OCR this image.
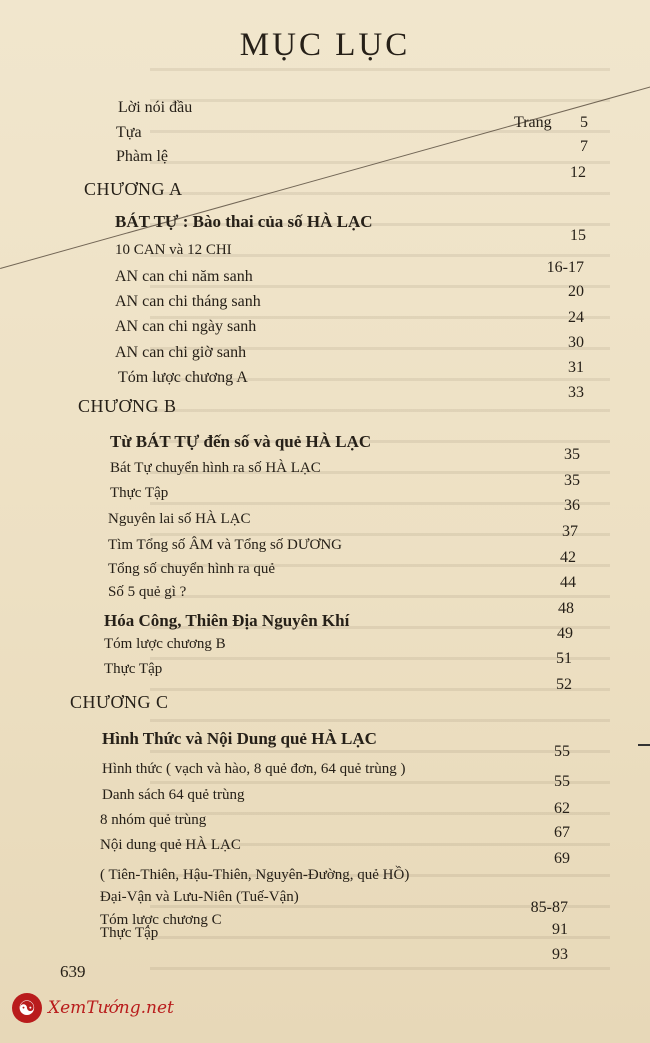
MỤC LỤC
Trang
Lời nói đầu
Tựa
Phàm lệ
CHƯƠNG A
BÁT TỰ : Bào thai của số HÀ LẠC
10 CAN và 12 CHI
AN can chi năm sanh
AN can chi tháng sanh
AN can chi ngày sanh
AN can chi giờ sanh
Tóm lược chương A
CHƯƠNG B
Từ BÁT TỰ đến số và quẻ HÀ LẠC
Bát Tự chuyển hình ra số HÀ LẠC
Thực Tập
Nguyên lai số HÀ LẠC
Tìm Tổng số ÂM và Tổng số DƯƠNG
Tổng số chuyển hình ra quẻ
Số 5 quẻ gì ?
Hóa Công, Thiên Địa Nguyên Khí
Tóm lược chương B
Thực Tập
CHƯƠNG C
Hình Thức và Nội Dung quẻ HÀ LẠC
Hình thức ( vạch và hào, 8 quẻ đơn, 64 quẻ trùng )
Danh sách 64 quẻ trùng
8 nhóm quẻ trùng
Nội dung quẻ HÀ LẠC
( Tiên-Thiên, Hậu-Thiên, Nguyên-Đường, quẻ HỒ)
Đại-Vận và Lưu-Niên (Tuế-Vận)
Tóm lược chương C
Thực Tập
5
7
12
15
16-17
20
24
30
31
33
35
35
36
37
42
44
48
49
51
52
55
55
62
67
69
85-87
91
93
639
☯ XemTướng.net
